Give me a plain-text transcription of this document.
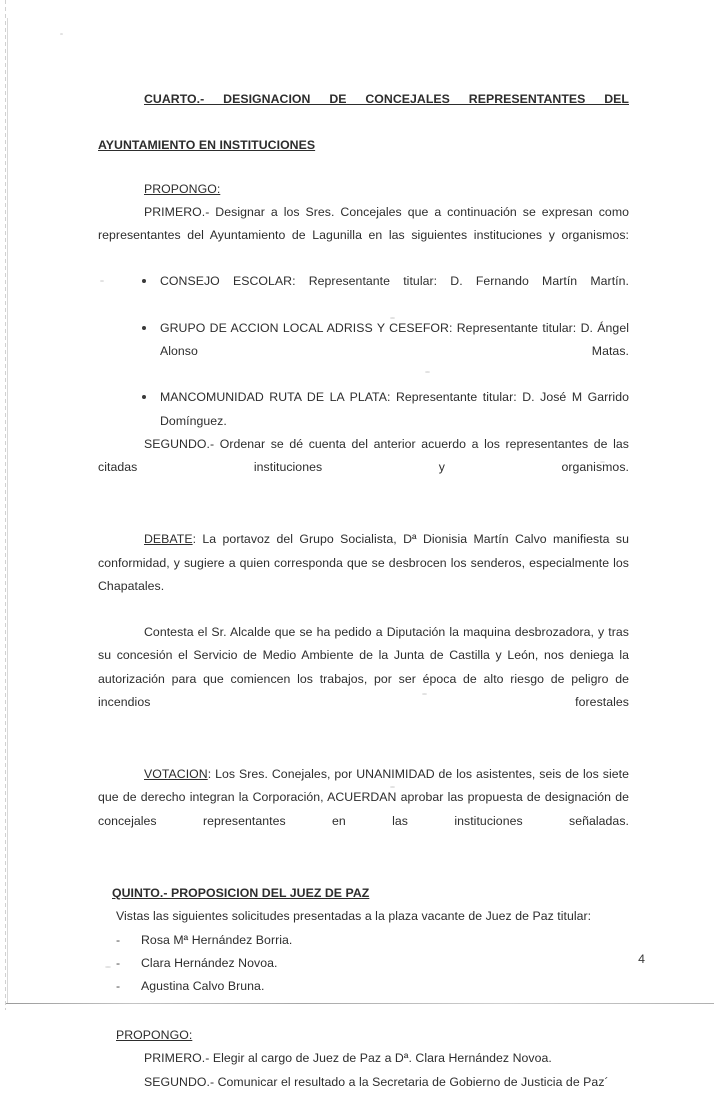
CUARTO.- DESIGNACION DE CONCEJALES REPRESENTANTES DEL
AYUNTAMIENTO EN INSTITUCIONES
PROPONGO:
PRIMERO.- Designar a los Sres. Concejales que a continuación se expresan como representantes del Ayuntamiento de Lagunilla en las siguientes instituciones y organismos:
CONSEJO ESCOLAR: Representante titular: D. Fernando Martín Martín.
GRUPO DE ACCION LOCAL ADRISS Y CESEFOR: Representante titular: D. Ángel Alonso Matas.
MANCOMUNIDAD RUTA DE LA PLATA: Representante titular: D. José M Garrido Domínguez.
SEGUNDO.- Ordenar se dé cuenta del anterior acuerdo a los representantes de las citadas instituciones y organismos.
DEBATE: La portavoz del Grupo Socialista, Dª Dionisia Martín Calvo manifiesta su conformidad, y sugiere a quien corresponda que se desbrocen los senderos, especialmente los Chapatales.
Contesta el Sr. Alcalde que se ha pedido a Diputación la maquina desbrozadora, y tras su concesión el Servicio de Medio Ambiente de la Junta de Castilla y León, nos deniega la autorización para que comiencen los trabajos, por ser época de alto riesgo de peligro de incendios forestales
VOTACION: Los Sres. Conejales, por UNANIMIDAD de los asistentes, seis de los siete que de derecho integran la Corporación, ACUERDAN aprobar las propuesta de designación de concejales representantes en las instituciones señaladas.
QUINTO.- PROPOSICION DEL JUEZ DE PAZ
Vistas las siguientes solicitudes presentadas a la plaza vacante de Juez de Paz titular:
- Rosa Mª Hernández Borria.
- Clara Hernández Novoa.
- Agustina Calvo Bruna.
PROPONGO:
PRIMERO.- Elegir al cargo de Juez de Paz a Dª. Clara Hernández Novoa.
SEGUNDO.- Comunicar el resultado a la Secretaria de Gobierno de Justicia de Paz´
4
